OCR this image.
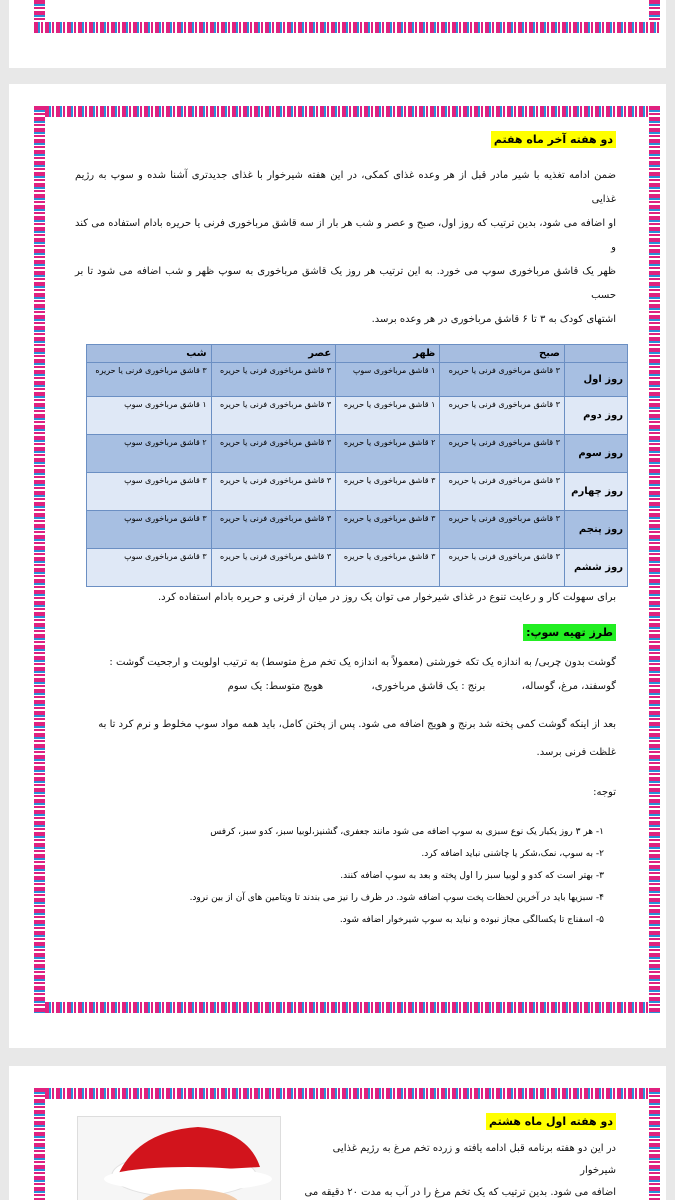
دو هفته آخر ماه هفتم
ضمن ادامه تغذیه با شیر مادر قبل از هر وعده غذای کمکی، در این هفته شیرخوار با غذای جدیدتری آشنا شده و سوپ به رژیم غذایی
او اضافه می شود، بدین ترتیب که روز اول، صبح و عصر و شب هر بار از سه قاشق مرباخوری فرنی یا حریره بادام استفاده می کند و
ظهر یک قاشق مرباخوری سوپ می خورد. به این ترتیب هر روز یک قاشق مرباخوری به سوپ ظهر و شب اضافه می شود تا بر حسب
اشتهای کودک به ۳ تا ۶ قاشق مرباخوری در هر وعده برسد.
	صبح	ظهر	عصر	شب
روز اول	۳ قاشق مرباخوری فرنی یا حریره	۱ قاشق مرباخوری سوپ	۳ قاشق مرباخوری فرنی یا حریره	۳ قاشق مرباخوری فرنی یا حریره
روز دوم	۳ قاشق مرباخوری فرنی یا حریره	۱ قاشق مرباخوری یا حریره	۳ قاشق مرباخوری فرنی یا حریره	۱ قاشق مرباخوری سوپ
روز سوم	۳ قاشق مرباخوری فرنی یا حریره	۲ قاشق مرباخوری یا حریره	۳ قاشق مرباخوری فرنی یا حریره	۲ قاشق مرباخوری سوپ
روز چهارم	۳ قاشق مرباخوری فرنی یا حریره	۳ قاشق مرباخوری یا حریره	۳ قاشق مرباخوری فرنی یا حریره	۳ قاشق مرباخوری سوپ
روز پنجم	۳ قاشق مرباخوری فرنی یا حریره	۳ قاشق مرباخوری یا حریره	۳ قاشق مرباخوری فرنی یا حریره	۳ قاشق مرباخوری سوپ
روز ششم	۳ قاشق مرباخوری فرنی یا حریره	۳ قاشق مرباخوری یا حریره	۳ قاشق مرباخوری فرنی یا حریره	۳ قاشق مرباخوری سوپ
برای سهولت کار و رعایت تنوع در غذای شیرخوار می توان یک روز در میان از فرنی و حریره بادام استفاده کرد.
طرز تهیه سوپ:
گوشت بدون چربی/ به اندازه یک تکه خورشتی (معمولاً به اندازه یک تخم مرغ متوسط) به ترتیب اولویت و ارجحیت گوشت :
گوسفند، مرغ، گوساله،  برنج : یک قاشق مرباخوری،  هویج متوسط: یک سوم
بعد از اینکه گوشت کمی پخته شد برنج و هویج اضافه می شود. پس از پختن کامل، باید همه مواد سوپ مخلوط و نرم کرد تا به
غلظت فرنی برسد.
توجه:
۱- هر ۳ روز یکبار یک نوع سبزی به سوپ اضافه می شود مانند جعفری، گشنیز،لوبیا سبز، کدو سبز، کرفس
۲- به سوپ، نمک،شکر یا چاشنی نباید اضافه کرد.
۳- بهتر است که کدو و لوبیا سبز را اول پخته و بعد به سوپ اضافه کنند.
۴- سبزیها باید در آخرین لحظات پخت سوپ اضافه شود. در ظرف را نیز می بندند تا ویتامین های آن از بین نرود.
۵- اسفناج تا یکسالگی مجاز نبوده و نباید به سوپ شیرخوار اضافه شود.
دو هفته اول ماه هشتم
در این دو هفته برنامه قبل ادامه یافته و زرده تخم مرغ به رژیم غذایی شیرخوار
اضافه می شود. بدین ترتیب که یک تخم مرغ را در آب به مدت ۲۰ دقیقه می
